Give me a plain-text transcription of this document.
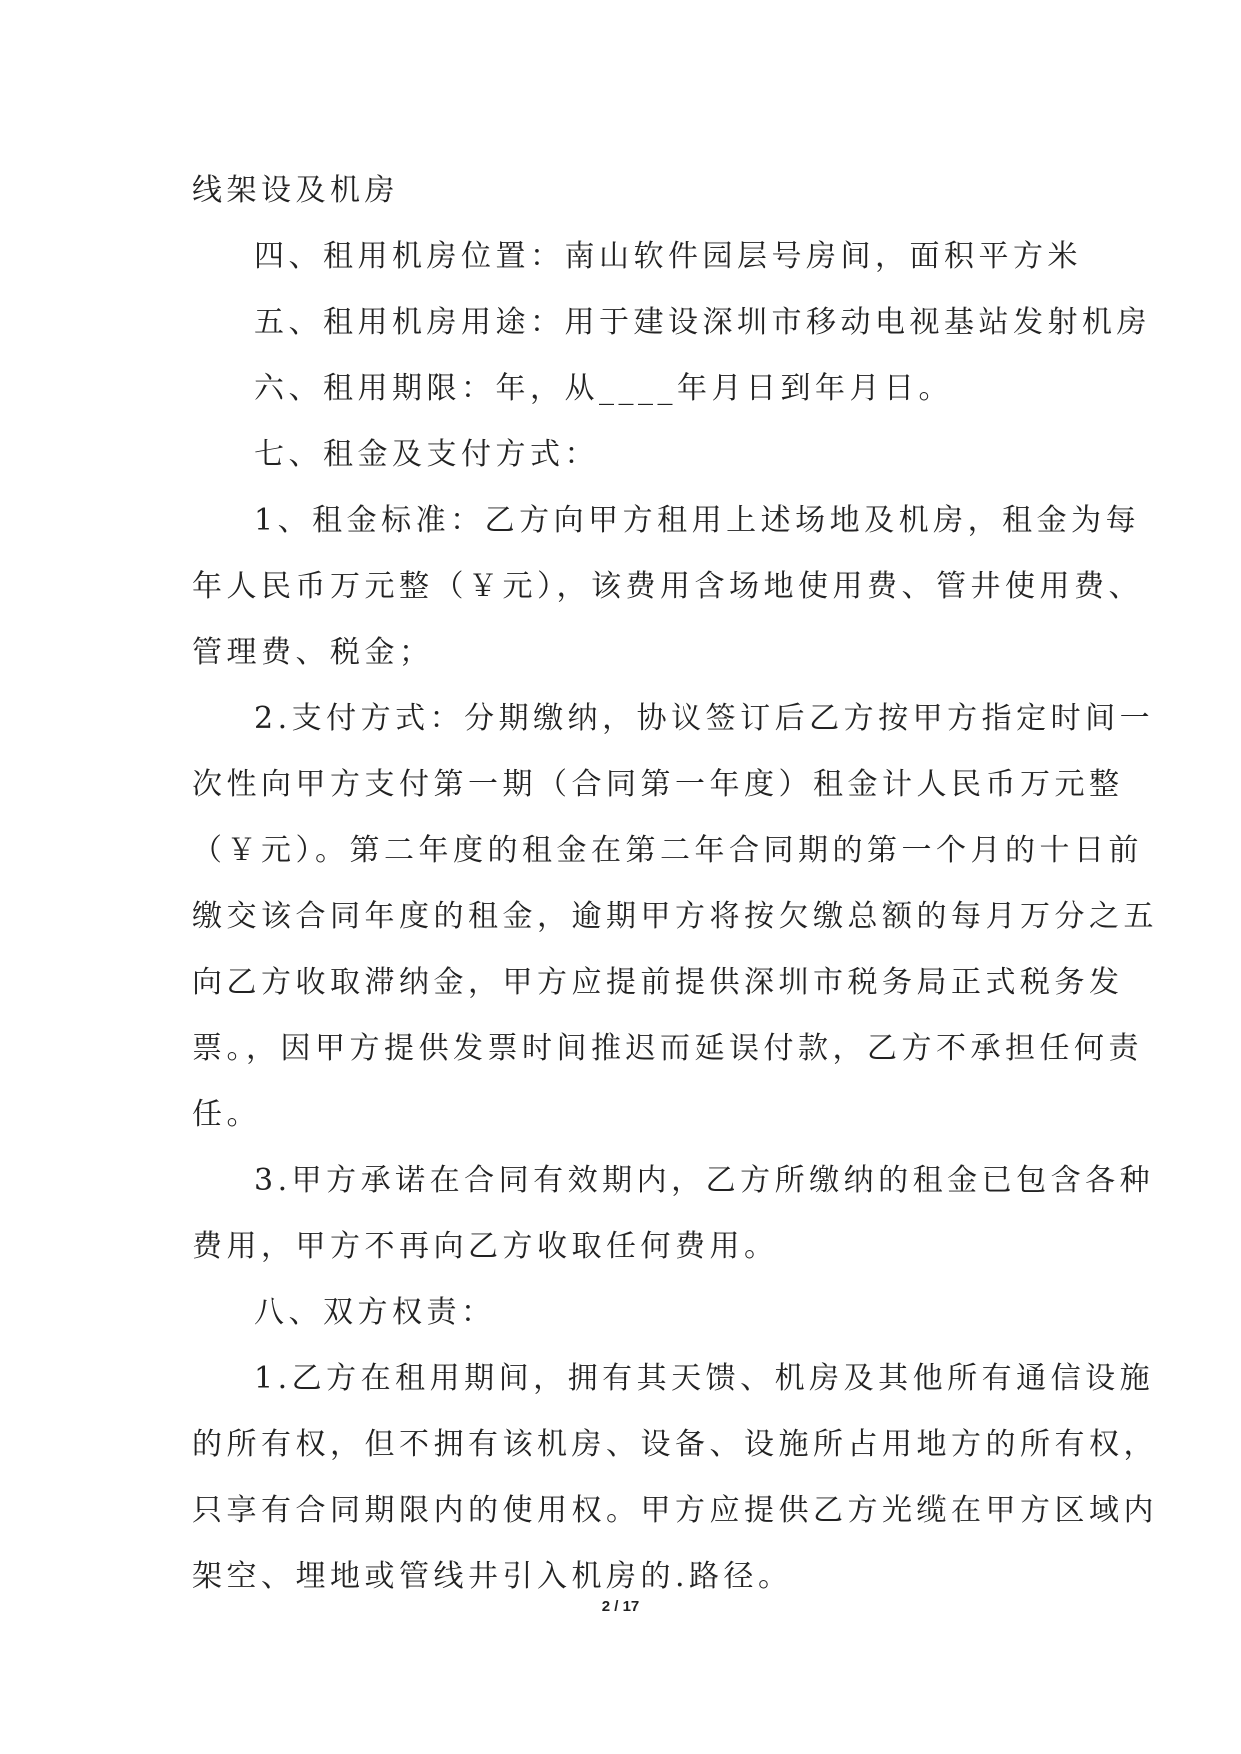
线架设及机房
四、租用机房位置：南山软件园层号房间，面积平方米
五、租用机房用途：用于建设深圳市移动电视基站发射机房
六、租用期限：年，从____年月日到年月日。
七、租金及支付方式：
1、租金标准：乙方向甲方租用上述场地及机房，租金为每
年人民币万元整（￥元），该费用含场地使用费、管井使用费、
管理费、税金；
2.支付方式：分期缴纳，协议签订后乙方按甲方指定时间一
次性向甲方支付第一期（合同第一年度）租金计人民币万元整
（￥元）。第二年度的租金在第二年合同期的第一个月的十日前
缴交该合同年度的租金，逾期甲方将按欠缴总额的每月万分之五
向乙方收取滞纳金，甲方应提前提供深圳市税务局正式税务发
票。，因甲方提供发票时间推迟而延误付款，乙方不承担任何责
任。
3.甲方承诺在合同有效期内，乙方所缴纳的租金已包含各种
费用，甲方不再向乙方收取任何费用。
八、双方权责：
1.乙方在租用期间，拥有其天馈、机房及其他所有通信设施
的所有权，但不拥有该机房、设备、设施所占用地方的所有权，
只享有合同期限内的使用权。甲方应提供乙方光缆在甲方区域内
架空、埋地或管线井引入机房的.路径。
2 / 17
